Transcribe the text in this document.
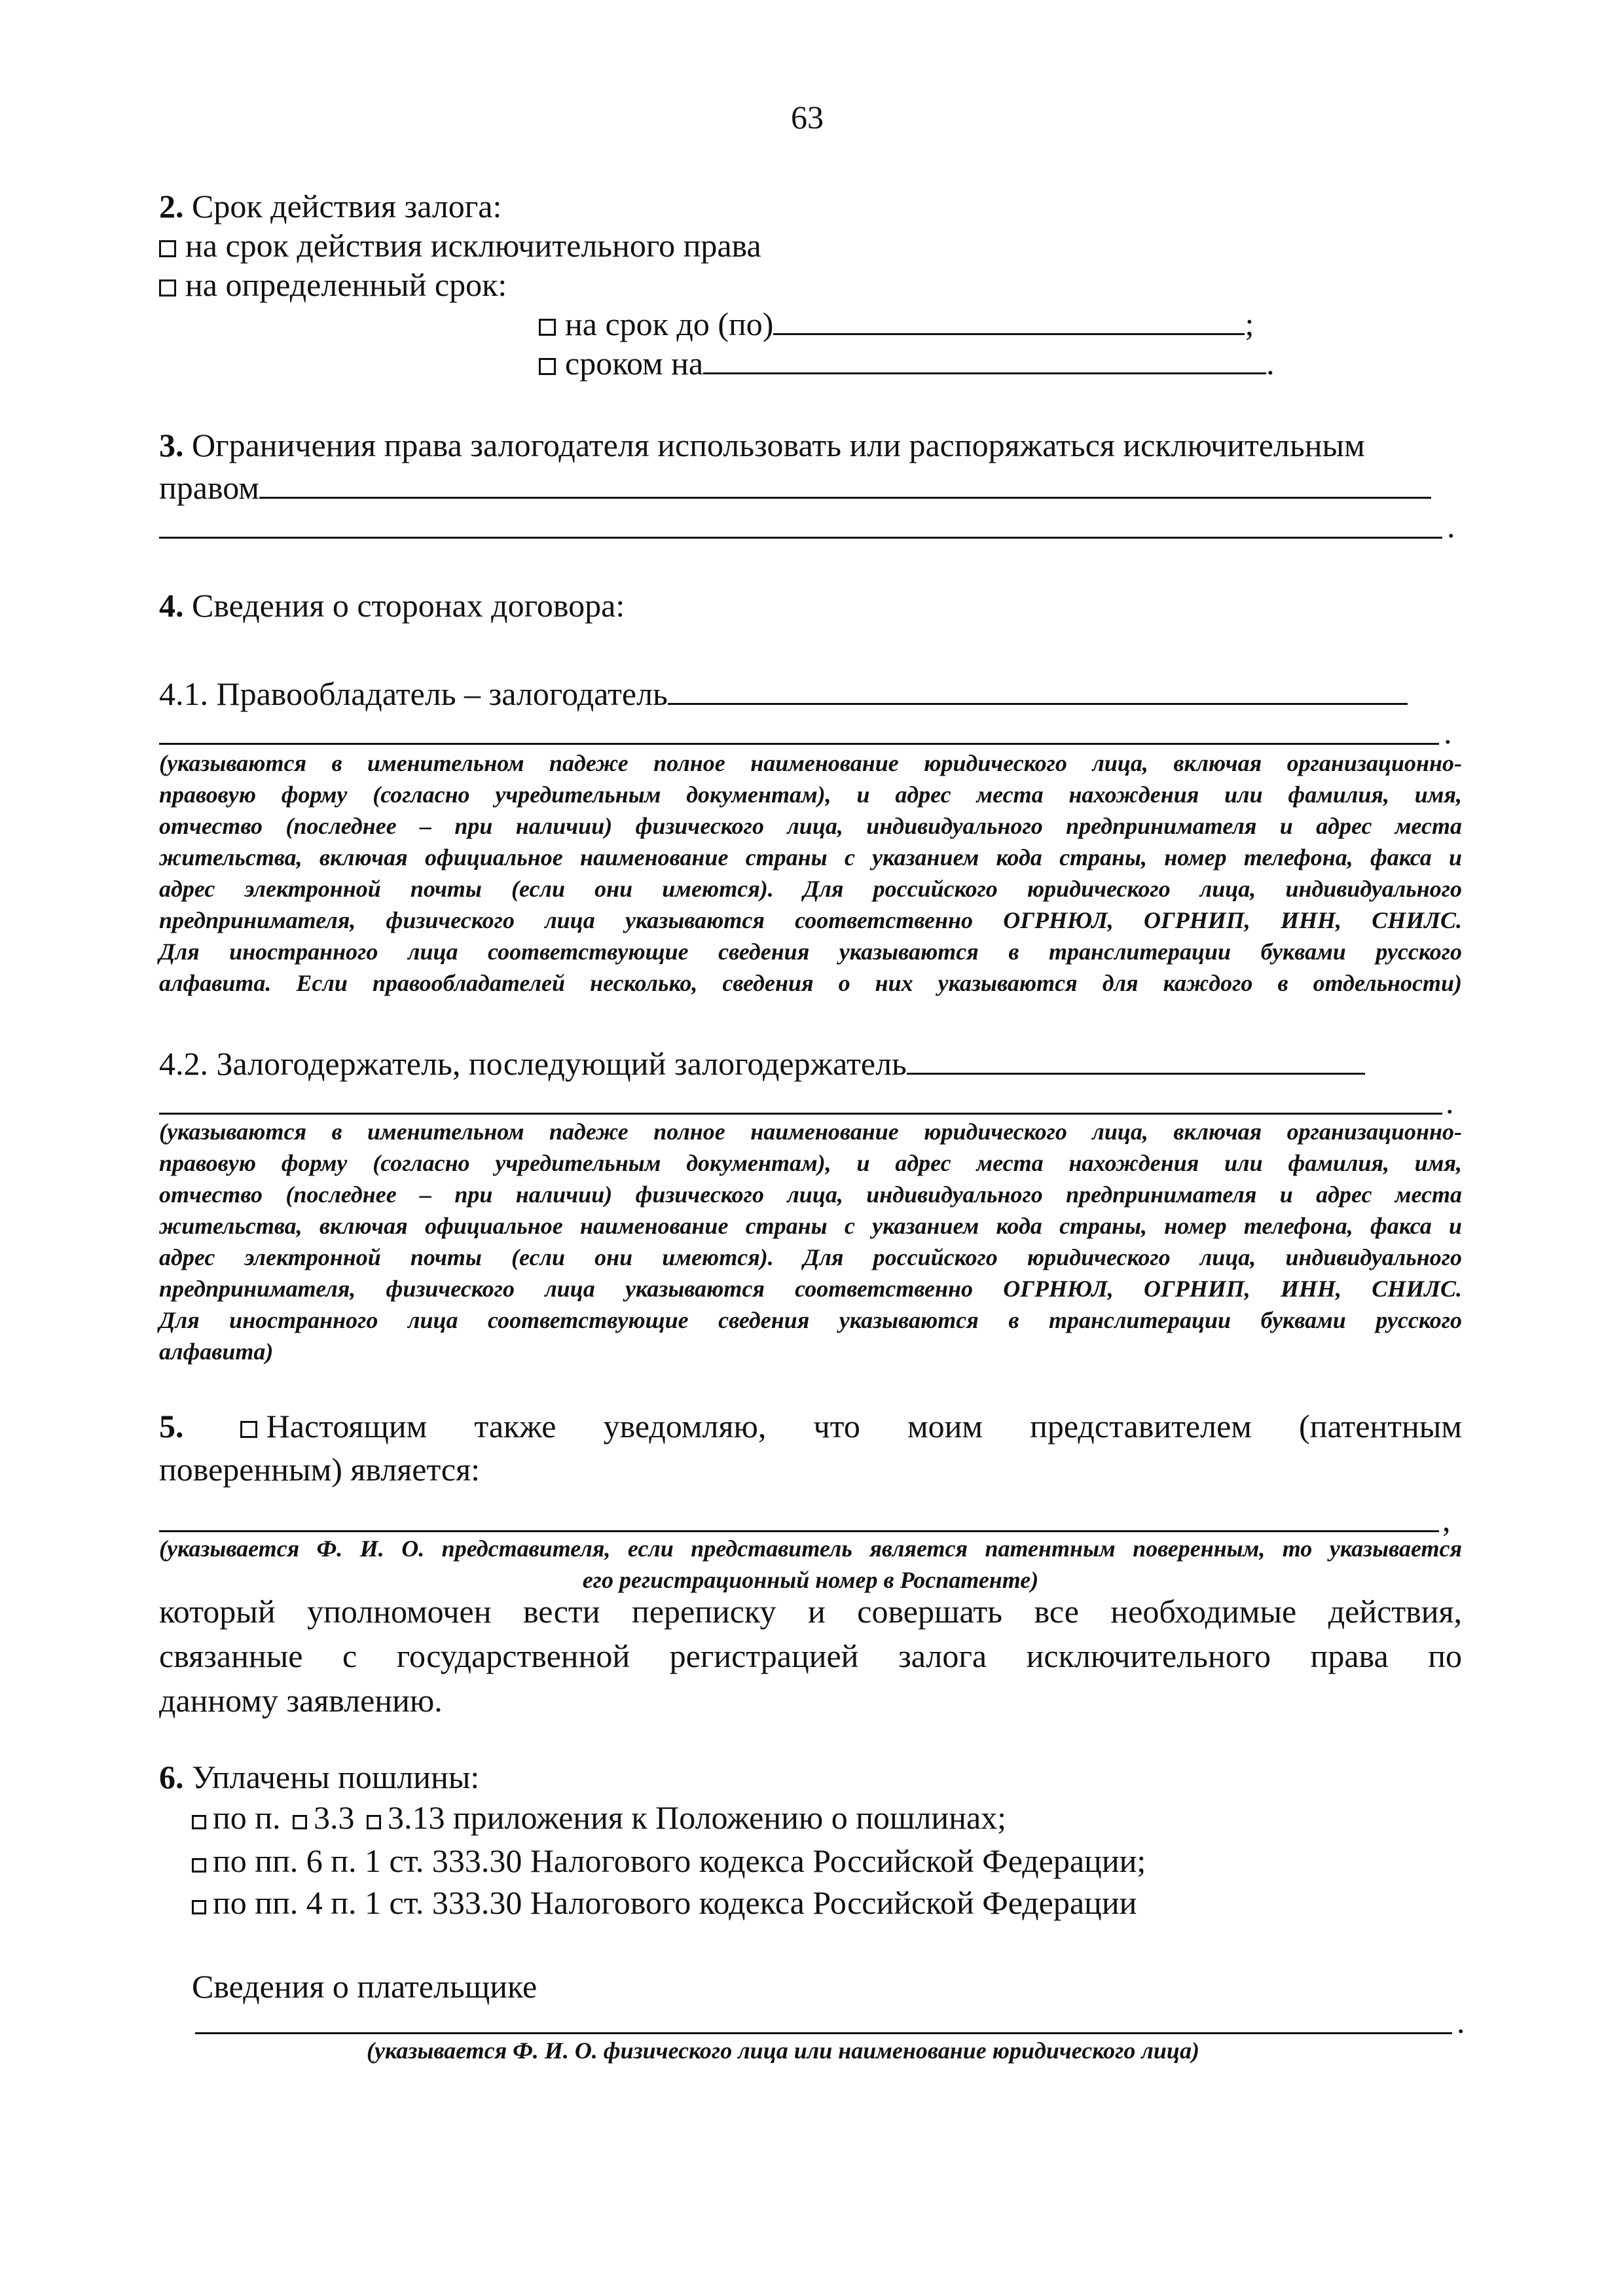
63
2. Срок действия залога:
на срок действия исключительного права
на определенный срок:
на срок до (по)	;
сроком на	.
3. Ограничения права залогодателя использовать или распоряжаться исключительным
правом
.
4. Сведения о сторонах договора:
4.1. Правообладатель – залогодатель
.
(указываются в именительном падеже полное наименование юридического лица, включая организационно-
правовую форму (согласно учредительным документам), и адрес места нахождения или фамилия, имя,
отчество (последнее – при наличии) физического лица, индивидуального предпринимателя и адрес места
жительства, включая официальное наименование страны с указанием кода страны, номер телефона, факса и
адрес электронной почты (если они имеются). Для российского юридического лица, индивидуального
предпринимателя, физического лица указываются соответственно ОГРНЮЛ, ОГРНИП, ИНН, СНИЛС.
Для иностранного лица соответствующие сведения указываются в транслитерации буквами русского
алфавита. Если правообладателей несколько, сведения о них указываются для каждого в отдельности)
4.2. Залогодержатель, последующий залогодержатель
.
(указываются в именительном падеже полное наименование юридического лица, включая организационно-
правовую форму (согласно учредительным документам), и адрес места нахождения или фамилия, имя,
отчество (последнее – при наличии) физического лица, индивидуального предпринимателя и адрес места
жительства, включая официальное наименование страны с указанием кода страны, номер телефона, факса и
адрес электронной почты (если они имеются). Для российского юридического лица, индивидуального
предпринимателя, физического лица указываются соответственно ОГРНЮЛ, ОГРНИП, ИНН, СНИЛС.
Для иностранного лица соответствующие сведения указываются в транслитерации буквами русского
алфавита)
5.	Настоящим также уведомляю, что моим представителем (патентным
поверенным) является:
,
(указывается Ф. И. О. представителя, если представитель является патентным поверенным, то указывается
его регистрационный номер в Роспатенте)
который уполномочен вести переписку и совершать все необходимые действия,
связанные с государственной регистрацией залога исключительного права по
данному заявлению.
6. Уплачены пошлины:
по п. 3.3 3.13 приложения к Положению о пошлинах;
по пп. 6 п. 1 ст. 333.30 Налогового кодекса Российской Федерации;
по пп. 4 п. 1 ст. 333.30 Налогового кодекса Российской Федерации
Сведения о плательщике
.
(указывается Ф. И. О. физического лица или наименование юридического лица)
